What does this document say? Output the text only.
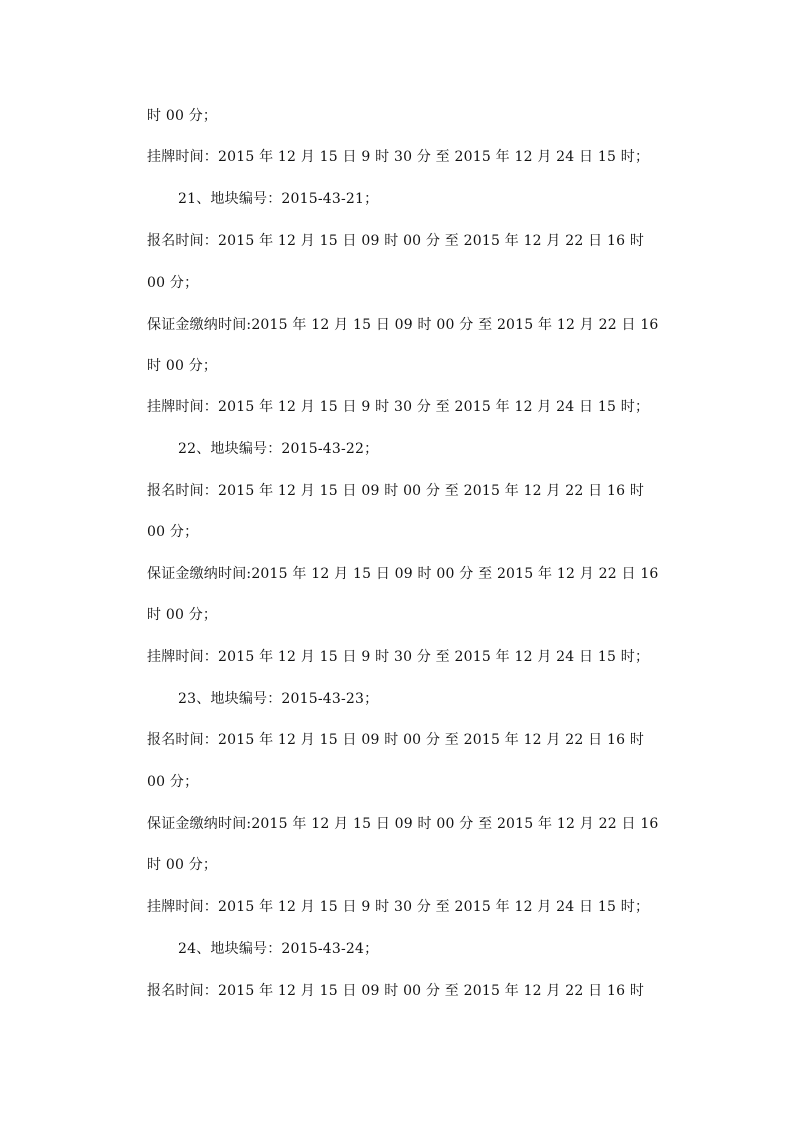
时 00 分；
挂牌时间：2015 年 12 月 15 日 9 时 30 分 至 2015 年 12 月 24 日 15 时；
21、地块编号：2015-43-21；
报名时间：2015 年 12 月 15 日 09 时 00 分 至 2015 年 12 月 22 日 16 时
00 分；
保证金缴纳时间:2015 年 12 月 15 日 09 时 00 分 至 2015 年 12 月 22 日 16
时 00 分；
挂牌时间：2015 年 12 月 15 日 9 时 30 分 至 2015 年 12 月 24 日 15 时；
22、地块编号：2015-43-22；
报名时间：2015 年 12 月 15 日 09 时 00 分 至 2015 年 12 月 22 日 16 时
00 分；
保证金缴纳时间:2015 年 12 月 15 日 09 时 00 分 至 2015 年 12 月 22 日 16
时 00 分；
挂牌时间：2015 年 12 月 15 日 9 时 30 分 至 2015 年 12 月 24 日 15 时；
23、地块编号：2015-43-23；
报名时间：2015 年 12 月 15 日 09 时 00 分 至 2015 年 12 月 22 日 16 时
00 分；
保证金缴纳时间:2015 年 12 月 15 日 09 时 00 分 至 2015 年 12 月 22 日 16
时 00 分；
挂牌时间：2015 年 12 月 15 日 9 时 30 分 至 2015 年 12 月 24 日 15 时；
24、地块编号：2015-43-24；
报名时间：2015 年 12 月 15 日 09 时 00 分 至 2015 年 12 月 22 日 16 时
